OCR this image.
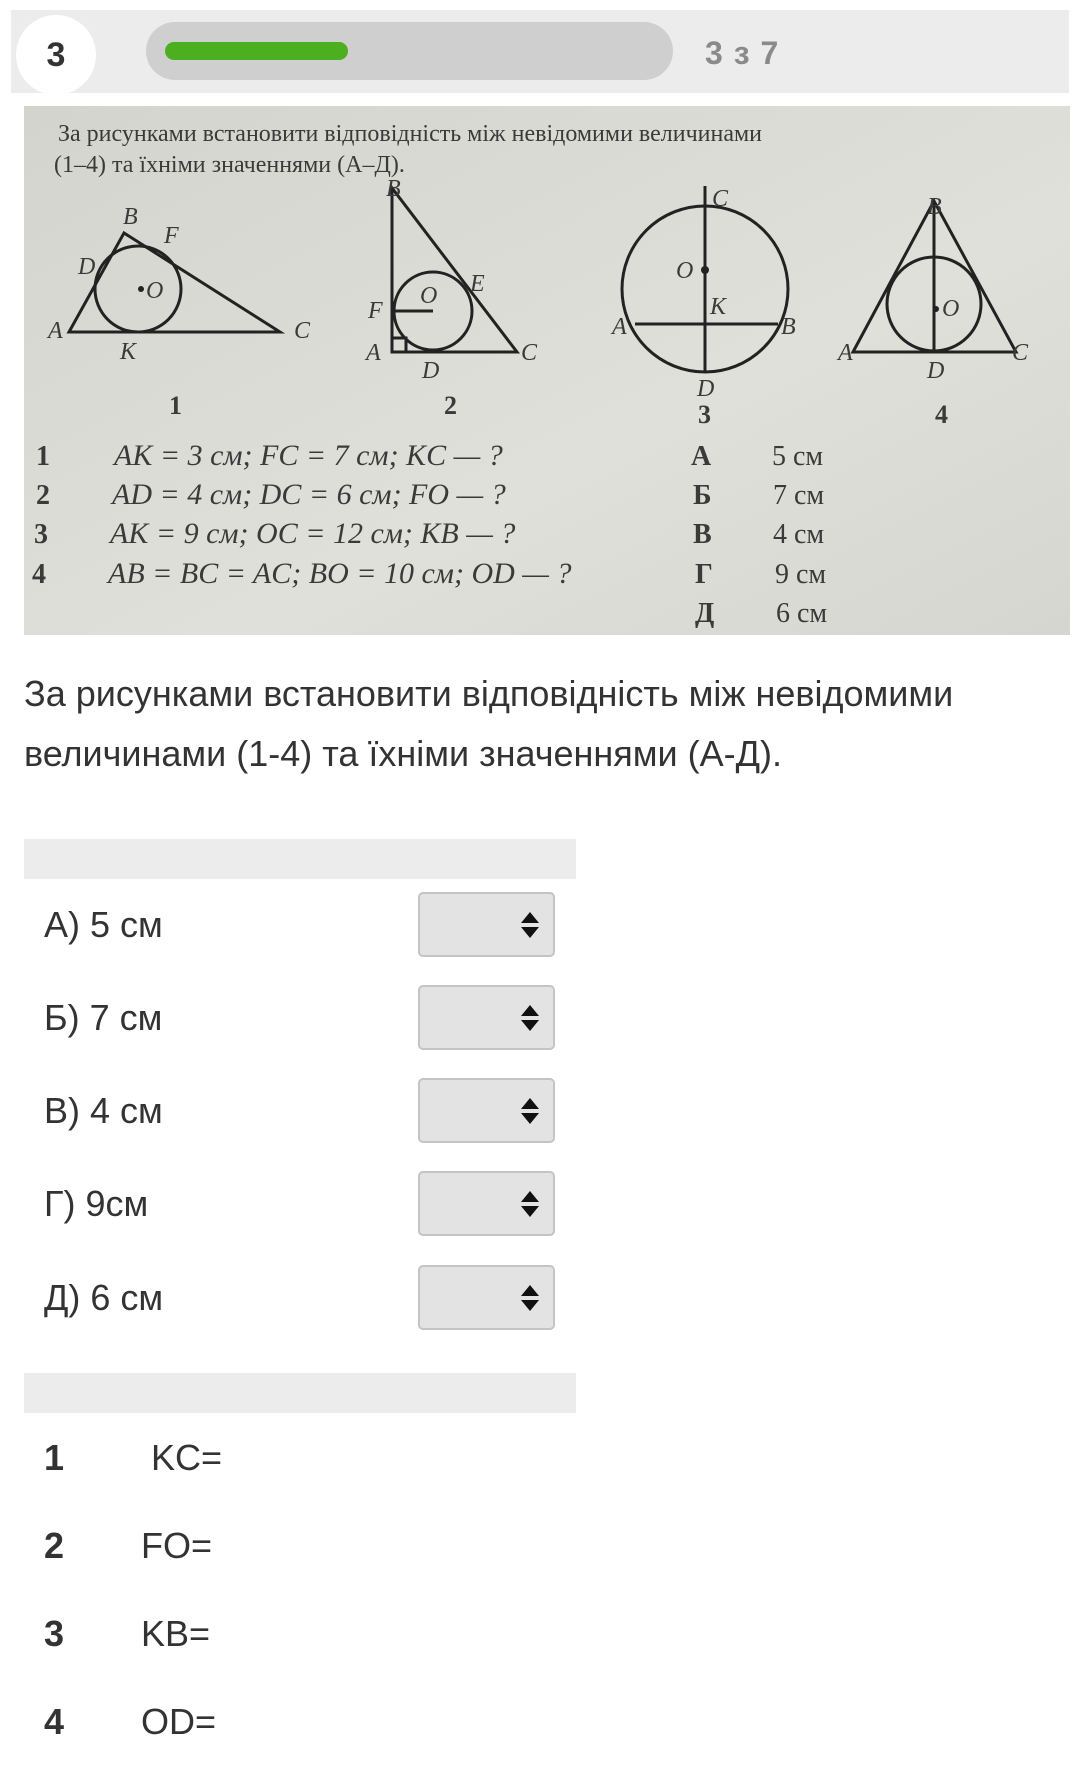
3	3 з 7
За рисунками встановити відповідність між невідомими величинами
(1–4) та їхніми значеннями (А–Д).
B
F
D
O
A
K
C
1
B
E
F
O
A
D
C
2
C
O
K
A	B
D
3
B
O
A
D
C
4
1 AK = 3 см; FC = 7 см; KC — ?
2 AD = 4 см; DC = 6 см; FO — ?
3 AK = 9 см; OC = 12 см; KB — ?
4 AB = BC = AC; BO = 10 см; OD — ?
А 5 см
Б 7 см
В 4 см
Г 9 см
Д 6 см
За рисунками встановити відповідність між невідомими величинами (1-4) та їхніми значеннями (А-Д).
А) 5 см
Б) 7 см
В) 4 см
Г) 9см
Д) 6 см
1 KC=
2 FO=
3 KB=
4 OD=
